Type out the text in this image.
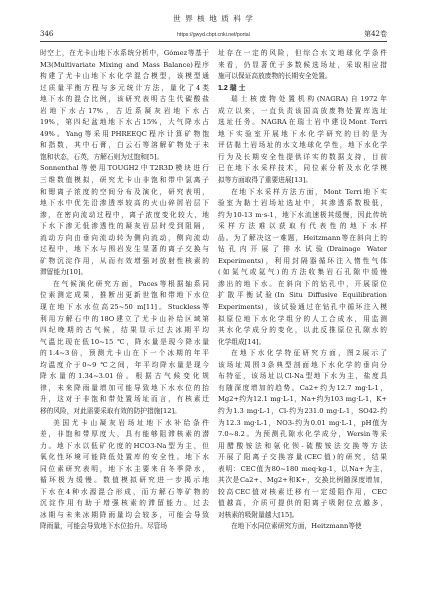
世 界 核 地 质 科 学
346	https://gwyd.cbpt.cnki.net/portal	第42卷
时空上，在尤卡山地下水系统分析中，Gómez等基于
M3(Multivariate Mixing and Mass Balance)程序
构建了尤卡山地下水化学混合模型，该模型通
过质量平衡方程与多元统计方法，量化了4类
地下水的混合比例，该研究表明古生代碳酸盐
岩地下水占17%，古近系凝灰岩地下水占
19%，第四纪盆地地下水占15%，大气降水占
49%。Yang等采用PHREEQC程序计算矿物饱
和指数，其中石膏，白云石等溶解矿物处于未
饱和状态，石英，方解石则为过饱和[5]。
Sonnenthal等使用TOUGH2中T2R3D模块进行
三维数值模拟，研究尤卡山非饱和带中氯离子
和锶离子浓度的空间分布及演化，研究表明，
地下水中优先沿渗透率较高的火山碎屑岩层下
渗，在密向流动过程中，离子浓度变化较大，地
下水下渗无低渗透性的凝灰岩层时受到阻隔，
流动方向由垂向流动转为侧向流动，侧向流动
过程中，地下水与围岩发生显著的离子交换与
矿物沉淀作用，从而有效增强对放射性核素的
滞留能力[10]。
在气候演化研究方面，Paces等根据轴系同
位素测定成果，推断出更新世饱和带地下水位
现在地下水水位高25~50 m[11]。Stuckless等
利用方解石中的18O建立了尤卡山补给区域第
四纪晚期的古气候，结果显示过去冰期平均
气温比现在低10~15 ℃，降水量是现今降水量
的1.4~3倍，预测尤卡山在下一个冰期的年平
均温度介于0~9 ℃之间，年平均降水量是现今
降水量的1.34~3.01倍。根据古气候变化规
律，未来降雨量增加可能导致地下水水位的抬
升，这对于非饱和带处置场址而言，有核素迁
移的风险，对此需要采取有效的防护措施[12]。
美国尤卡山凝灰岩场址地下水补给条件
差，非饱和带厚度大，具有能够阻滞核素的潜
力。地下水以低矿化度的HCO3-Na型为主，但
氧化性环境可能降低处置库的安全性。地下水
同位素研究表明，地下水主要来自冬季降水，
循环极为缓慢。数值模拟研究进一步揭示地
下水在4种水源混合形成，而方解石等矿物的
沉淀作用有助于增强核素的滞留能力。过去
冰期与未来冰期降雨量均会较多，可能会导致
降雨量，可能会导致地下水位抬升。尽管场
址存在一定的风险，但综合水文地球化学条件
来看，仍显著优于多数候选场址，采取相应措
施可以保证高放废物的长期安全处置。
1.2 瑞 士
瑞士核废物处置机构(NAGRA)自1972年
成立以来，一直负责该国高放废物处置库选址
选址任务。NAGRA在瑞士岩中建设Mont Terri
地下实验室开展地下水化学研究的目的是为
评估黏土岩场址的水文地球化学性，地下水化学
行为及长期安全性提供详实的数据支持，目前
已在地下水采样技术，同位素分析及水化学模
拟等方面取得了重要进展[13]。
在地下水采样方法方面，Mont Terri地下实
验室为黏土岩场址选址中，其渗透系数极低，
约为10-13 m·s-1，地下水流速极其缓慢，因此传统
采样方法难以获取有代表性的地下水样
品。为了解决这一难题，Heitzmann等在斜向上的
钻孔内开展了排水试验(Drainage Water
Experiments)，利用封隔器循环注入惰性气体
(如氮气或氦气)的方法收集岩石孔隙中缓慢
渗出的地下水。在斜向下的钻孔中，开展原位
扩散平衡试验(In Situ Diffusive Equilibration
Experiments)，该试验通过在钻孔中循环注入模
拟原位地下水化学组分的人工合成水，用监测
其水化学成分的变化，以此反推原位孔隙水的
化学组成[14]。
在地下水化学特征研究方面，图2展示了
该场址周围3条典型剖面地下水化学的垂向分
布特征，该场址以Cl-Na型地下水为主，盐度具
有随深度增加的趋势。Ca2+约为12.7 mg·L-1，
Mg2+约为12.1 mg·L-1，Na+约为103 mg·L-1，K+
约为1.3 mg·L-1，Cl-约为231.0 mg·L-1，SO42-约
为12.3 mg·L-1，NO3-约为0.01 mg·L-1，pH值为
7.0~8.2。为预测孔隙水化学成分，Wersin等采
用醋酸铵法和氨化钡-硫酸铵法交换等方法
开展了阳离子交换容量(CEC值)的研究，结果
表明：CEC值为80~180 meq·kg-1，以Na+为主，
其次是Ca2+、Mg2+和K+，交换比例随深度增加，
较高CEC值对核素迁移有一定缓阻作用，CEC
值越高，介质可提供的阳离子吸附位点越多，
对核素的吸附量越大[15]。
在地下水同位素研究方面，Heitzmann等使
